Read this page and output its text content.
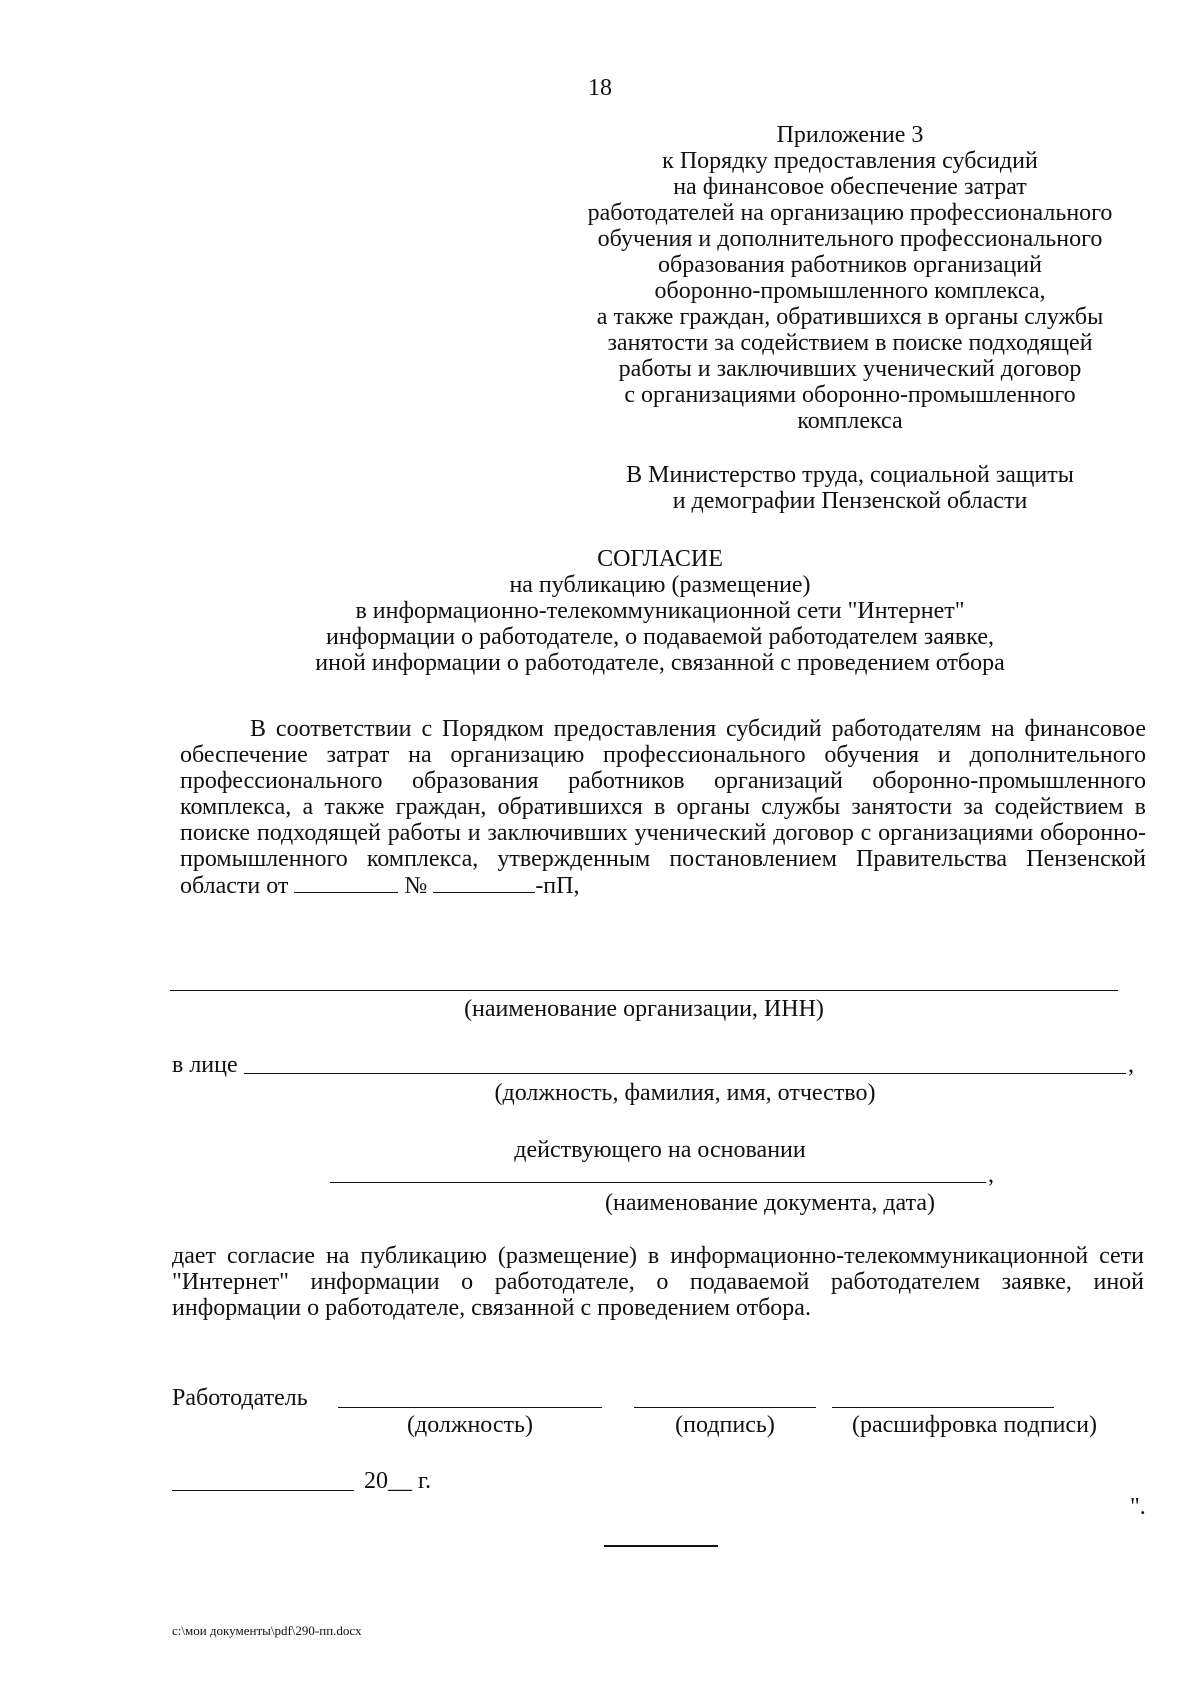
18
Приложение 3
к Порядку предоставления субсидий
на финансовое обеспечение затрат
работодателей на организацию профессионального
обучения и дополнительного профессионального
образования работников организаций
оборонно-промышленного комплекса,
а также граждан, обратившихся в органы службы
занятости за содействием в поиске подходящей
работы и заключивших ученический договор
с организациями оборонно-промышленного
комплекса
В Министерство труда, социальной защиты
и демографии Пензенской области
СОГЛАСИЕ
на публикацию (размещение)
в информационно-телекоммуникационной сети "Интернет"
информации о работодателе, о подаваемой работодателем заявке,
иной информации о работодателе, связанной с проведением отбора
В соответствии с Порядком предоставления субсидий работодателям на финансовое обеспечение затрат на организацию профессионального обучения и дополнительного профессионального образования работников организаций оборонно-промышленного комплекса, а также граждан, обратившихся в органы службы занятости за содействием в поиске подходящей работы и заключивших ученический договор с организациями оборонно-промышленного комплекса, утвержденным постановлением Правительства Пензенской области от	№	-пП,
(наименование организации, ИНН)
в лице	,
(должность, фамилия, имя, отчество)
действующего на основании
,
(наименование документа, дата)
дает согласие на публикацию (размещение) в информационно-телекоммуникационной сети "Интернет" информации о работодателе, о подаваемой работодателем заявке, иной информации о работодателе, связанной с проведением отбора.
Работодатель
(должность)	(подпись)	(расшифровка подписи)
20__ г.
".
c:\мои документы\pdf\290-пп.docx
